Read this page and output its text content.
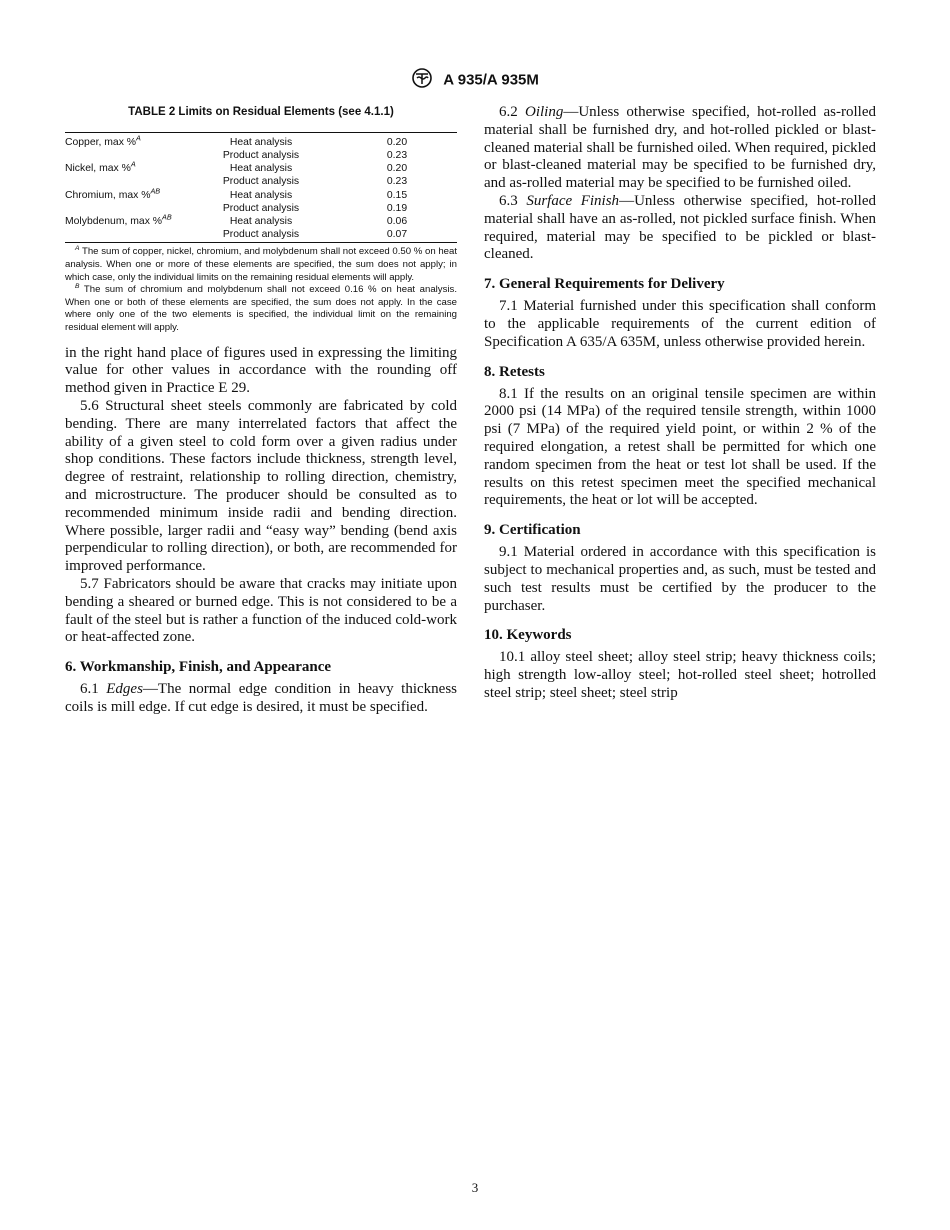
A 935/A 935M
TABLE 2 Limits on Residual Elements (see 4.1.1)
Copper, max %$^A$	Heat analysis	0.20
	Product analysis	0.23
Nickel, max %$^A$	Heat analysis	0.20
	Product analysis	0.23
Chromium, max %$^{AB}$	Heat analysis	0.15
	Product analysis	0.19
Molybdenum, max %$^{AB}$	Heat analysis	0.06
	Product analysis	0.07

$^A$ The sum of copper, nickel, chromium, and molybdenum shall not exceed 0.50 % on heat analysis. When one or more of these elements are specified, the sum does not apply; in which case, only the individual limits on the remaining residual elements will apply.

$^B$ The sum of chromium and molybdenum shall not exceed 0.16 % on heat analysis. When one or both of these elements are specified, the sum does not apply. In the case where only one of the two elements is specified, the individual limit on the remaining residual element will apply.

in the right hand place of figures used in expressing the limiting value for other values in accordance with the rounding off method given in Practice E 29.

5.6 Structural sheet steels commonly are fabricated by cold bending. There are many interrelated factors that affect the ability of a given steel to cold form over a given radius under shop conditions. These factors include thickness, strength level, degree of restraint, relationship to rolling direction, chemistry, and microstructure. The producer should be consulted as to recommended minimum inside radii and bending direction. Where possible, larger radii and “easy way” bending (bend axis perpendicular to rolling direction), or both, are recommended for improved performance.

5.7 Fabricators should be aware that cracks may initiate upon bending a sheared or burned edge. This is not considered to be a fault of the steel but is rather a function of the induced cold-work or heat-affected zone.

6. Workmanship, Finish, and Appearance

6.1 Edges—The normal edge condition in heavy thickness coils is mill edge. If cut edge is desired, it must be specified.

6.2 Oiling—Unless otherwise specified, hot-rolled as-rolled material shall be furnished dry, and hot-rolled pickled or blast-cleaned material shall be furnished oiled. When required, pickled or blast-cleaned material may be specified to be furnished dry, and as-rolled material may be specified to be furnished oiled.

6.3 Surface Finish—Unless otherwise specified, hot-rolled material shall have an as-rolled, not pickled surface finish. When required, material may be specified to be pickled or blast-cleaned.

7. General Requirements for Delivery

7.1 Material furnished under this specification shall conform to the applicable requirements of the current edition of Specification A 635/A 635M, unless otherwise provided herein.

8. Retests

8.1 If the results on an original tensile specimen are within 2000 psi (14 MPa) of the required tensile strength, within 1000 psi (7 MPa) of the required yield point, or within 2 % of the required elongation, a retest shall be permitted for which one random specimen from the heat or test lot shall be used. If the results on this retest specimen meet the specified mechanical requirements, the heat or lot will be accepted.

9. Certification

9.1 Material ordered in accordance with this specification is subject to mechanical properties and, as such, must be tested and such test results must be certified by the producer to the purchaser.

10. Keywords

10.1 alloy steel sheet; alloy steel strip; heavy thickness coils; high strength low-alloy steel; hot-rolled steel sheet; hotrolled steel strip; steel sheet; steel strip

3
